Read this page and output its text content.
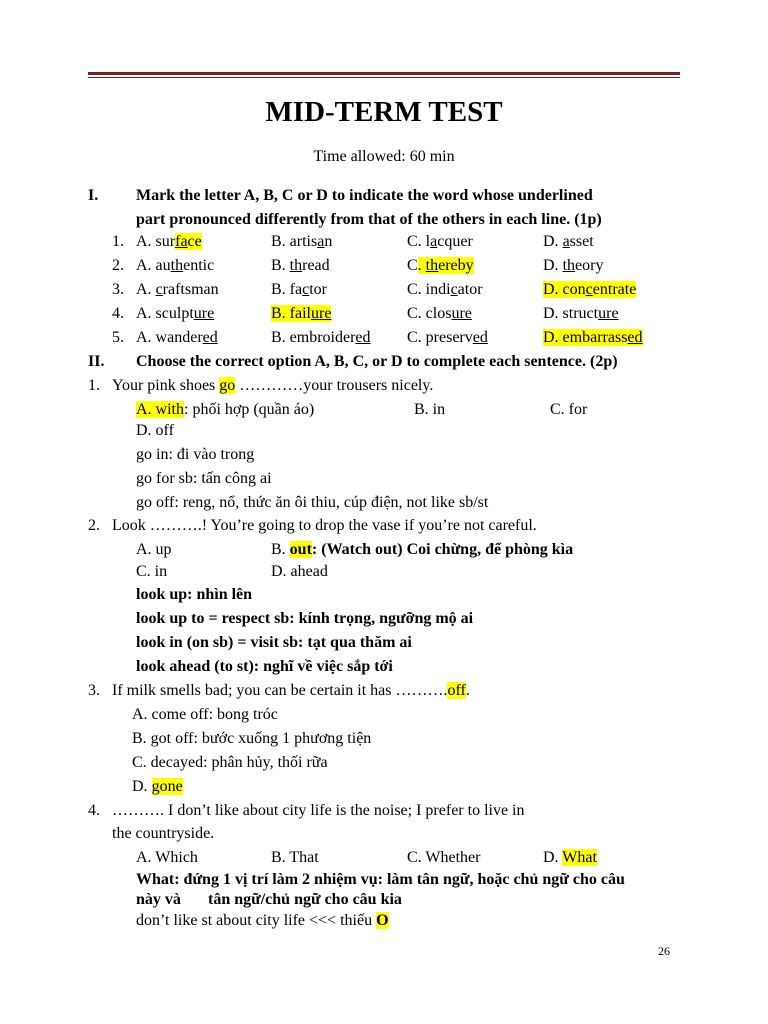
MID-TERM TEST
Time allowed: 60 min
I. Mark the letter A, B, C or D to indicate the word whose underlined
part pronounced differently from that of the others in each line. (1p)
1. A. surface	B. artisan	C. lacquer	D. asset
2. A. authentic	B. thread	C. thereby	D. theory
3. A. craftsman	B. factor	C. indicator	D. concentrate
4. A. sculpture	B. failure	C. closure	D. structure
5. A. wandered	B. embroidered C. preserved	D. embarrassed
II. Choose the correct option A, B, C, or D to complete each sentence. (2p)
1. Your pink shoes go …………your trousers nicely.
A. with: phối hợp (quần áo)	B. in	C. for
D. off
go in: đi vào trong
go for sb: tấn công ai
go off: reng, nổ, thức ăn ôi thiu, cúp điện, not like sb/st
2. Look ……….! You’re going to drop the vase if you’re not careful.
A. up	B. out: (Watch out) Coi chừng, để phòng kìa
C. in	D. ahead
look up: nhìn lên
look up to = respect sb: kính trọng, ngưỡng mộ ai
look in (on sb) = visit sb: tạt qua thăm ai
look ahead (to st): nghĩ về việc sắp tới
3. If milk smells bad; you can be certain it has ……….off.
A. come off: bong tróc
B. got off: bước xuống 1 phương tiện
C. decayed: phân hủy, thối rữa
D. gone
4. ………. I don’t like about city life is the noise; I prefer to live in
the countryside.
A. Which	B. That	C. Whether	D. What
What: đứng 1 vị trí làm 2 nhiệm vụ: làm tân ngữ, hoặc chủ ngữ cho câu
này và tân ngữ/chủ ngữ cho câu kia
don’t like st about city life <<< thiếu O
26
